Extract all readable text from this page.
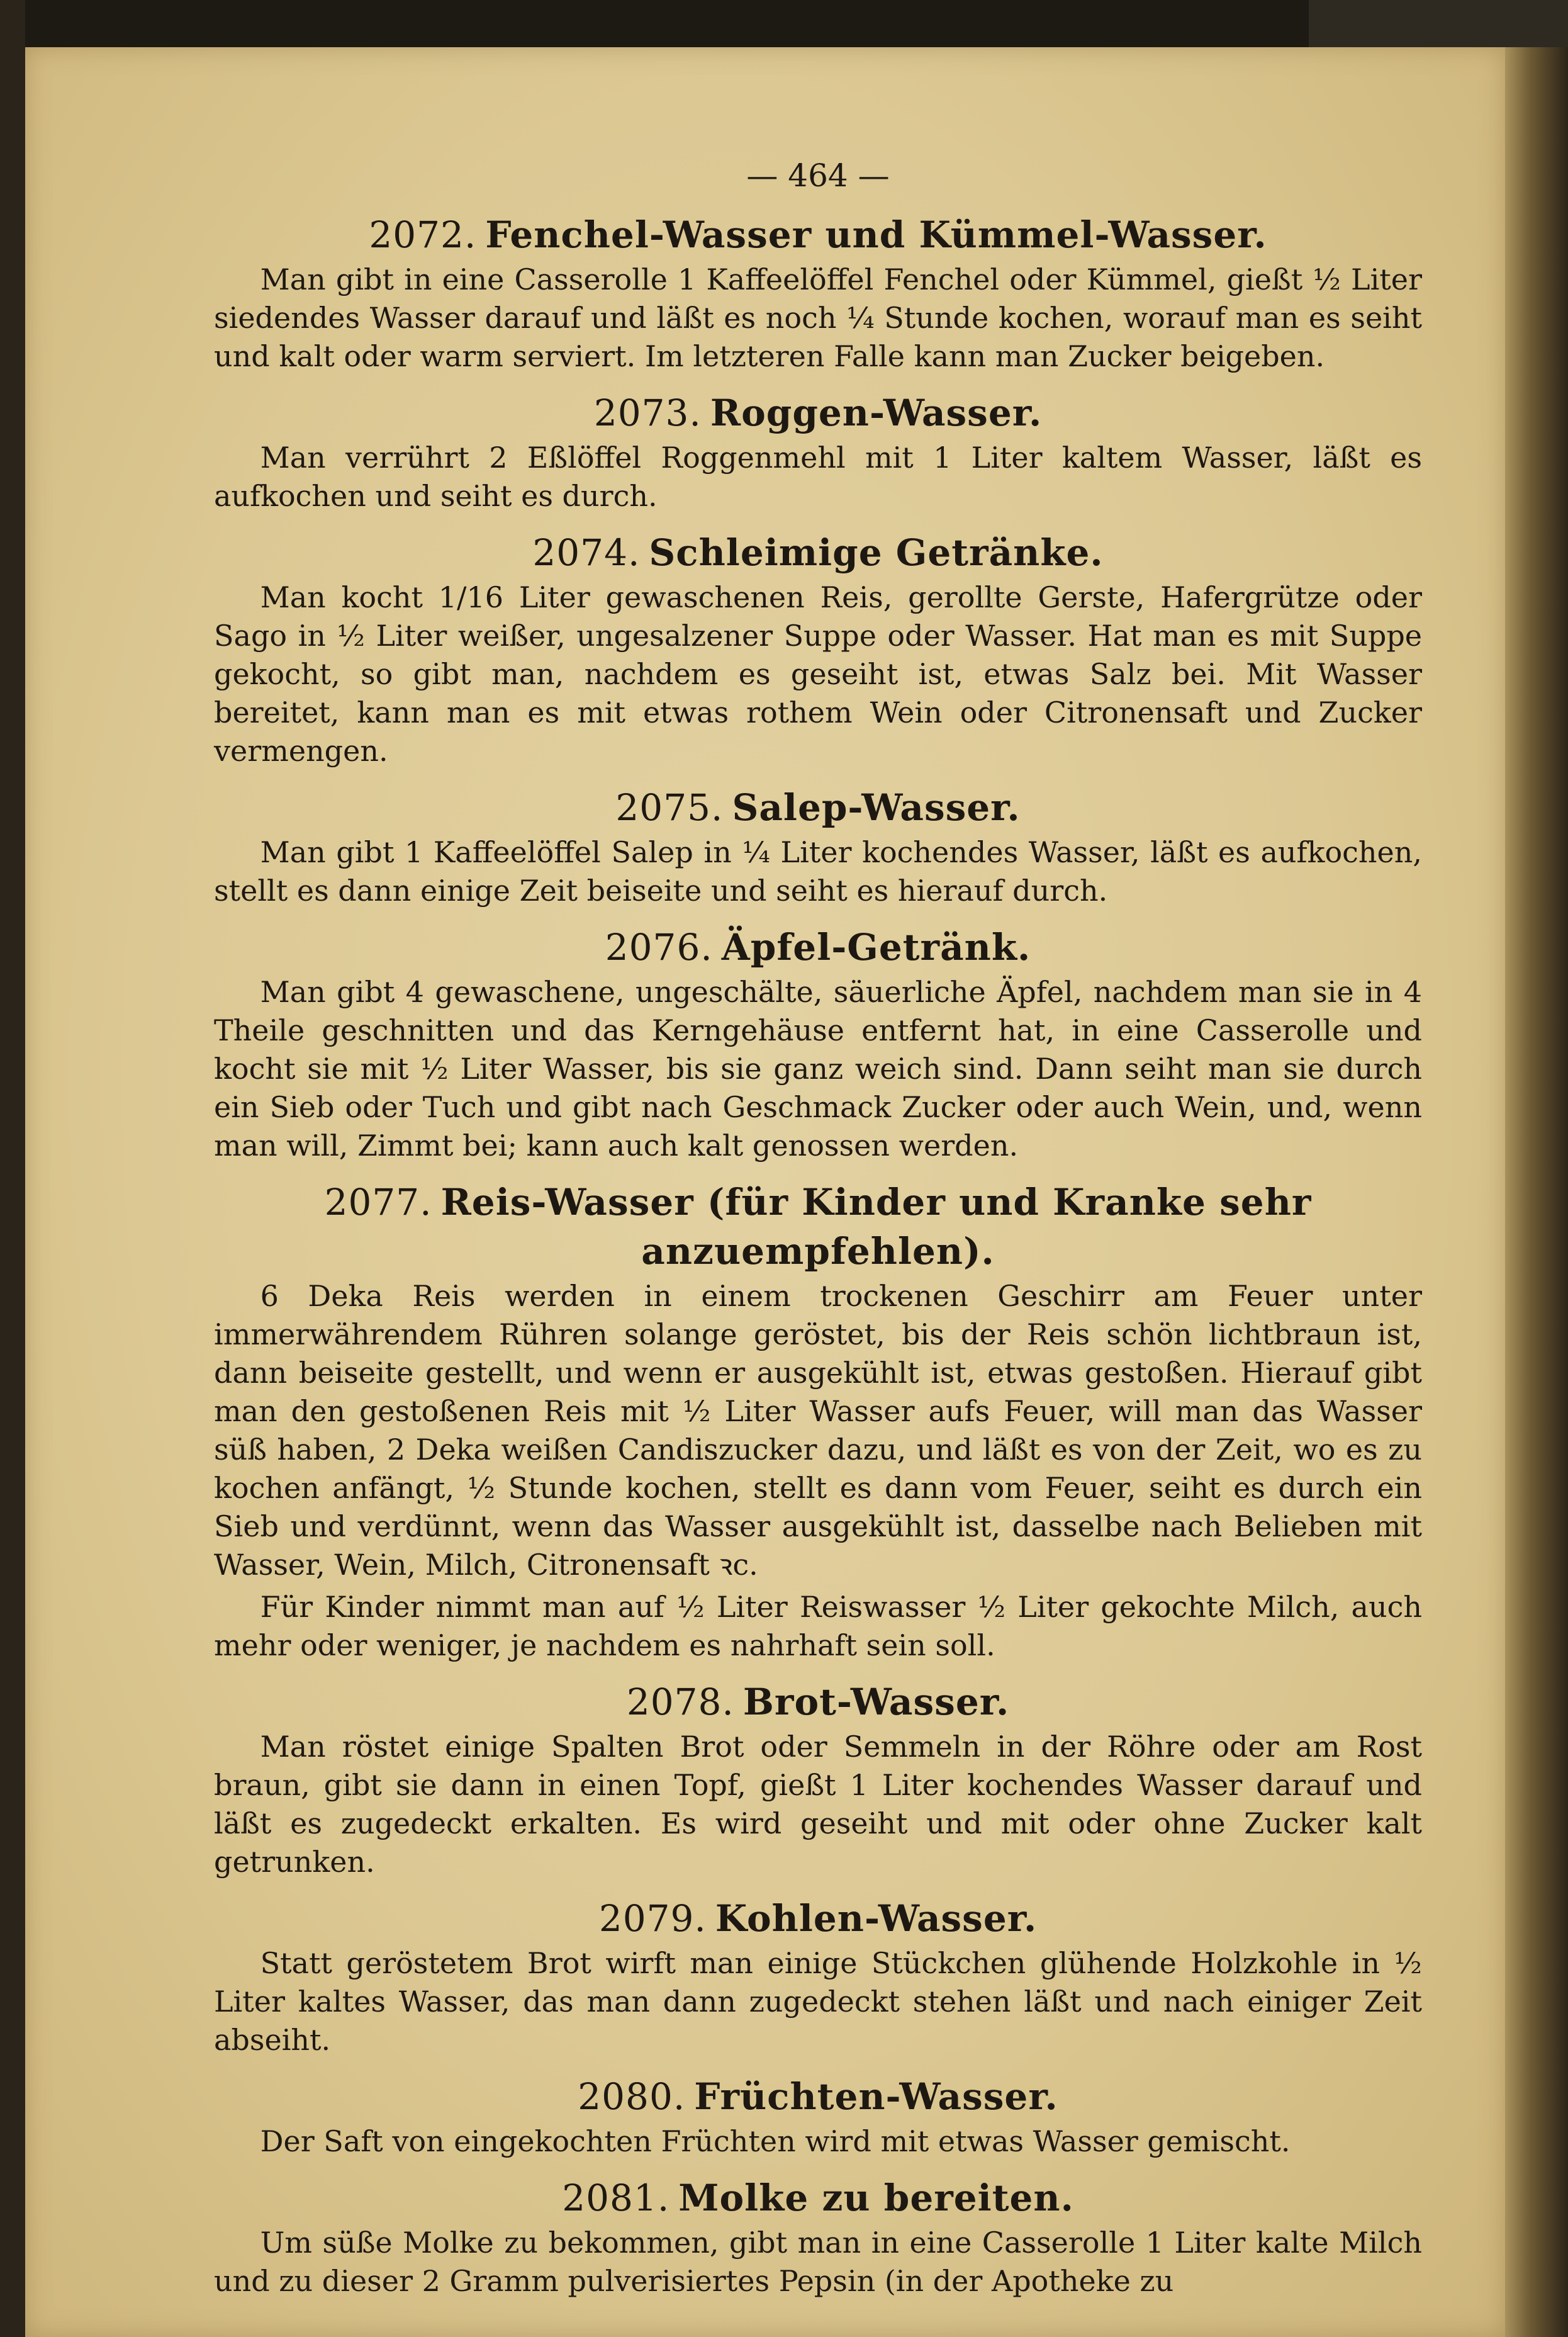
— 464 —
2072. Fenchel-Wasser und Kümmel-Wasser.

Man gibt in eine Casserolle 1 Kaffeelöffel Fenchel oder Kümmel, gießt ½ Liter siedendes Wasser darauf und läßt es noch ¼ Stunde kochen, worauf man es seiht und kalt oder warm serviert. Im letzteren Falle kann man Zucker beigeben.

2073. Roggen-Wasser.

Man verrührt 2 Eßlöffel Roggenmehl mit 1 Liter kaltem Wasser, läßt es aufkochen und seiht es durch.

2074. Schleimige Getränke.

Man kocht 1/16 Liter gewaschenen Reis, gerollte Gerste, Hafergrütze oder Sago in ½ Liter weißer, ungesalzener Suppe oder Wasser. Hat man es mit Suppe gekocht, so gibt man, nachdem es geseiht ist, etwas Salz bei. Mit Wasser bereitet, kann man es mit etwas rothem Wein oder Citronensaft und Zucker vermengen.

2075. Salep-Wasser.

Man gibt 1 Kaffeelöffel Salep in ¼ Liter kochendes Wasser, läßt es aufkochen, stellt es dann einige Zeit beiseite und seiht es hierauf durch.

2076. Äpfel-Getränk.

Man gibt 4 gewaschene, ungeschälte, säuerliche Äpfel, nachdem man sie in 4 Theile geschnitten und das Kerngehäuse entfernt hat, in eine Casserolle und kocht sie mit ½ Liter Wasser, bis sie ganz weich sind. Dann seiht man sie durch ein Sieb oder Tuch und gibt nach Geschmack Zucker oder auch Wein, und, wenn man will, Zimmt bei; kann auch kalt genossen werden.

2077. Reis-Wasser (für Kinder und Kranke sehr anzuempfehlen).

6 Deka Reis werden in einem trockenen Geschirr am Feuer unter immerwährendem Rühren solange geröstet, bis der Reis schön lichtbraun ist, dann beiseite gestellt, und wenn er ausgekühlt ist, etwas gestoßen. Hierauf gibt man den gestoßenen Reis mit ½ Liter Wasser aufs Feuer, will man das Wasser süß haben, 2 Deka weißen Candiszucker dazu, und läßt es von der Zeit, wo es zu kochen anfängt, ½ Stunde kochen, stellt es dann vom Feuer, seiht es durch ein Sieb und verdünnt, wenn das Wasser ausgekühlt ist, dasselbe nach Belieben mit Wasser, Wein, Milch, Citronensaft ꝛc.

Für Kinder nimmt man auf ½ Liter Reiswasser ½ Liter gekochte Milch, auch mehr oder weniger, je nachdem es nahrhaft sein soll.

2078. Brot-Wasser.

Man röstet einige Spalten Brot oder Semmeln in der Röhre oder am Rost braun, gibt sie dann in einen Topf, gießt 1 Liter kochendes Wasser darauf und läßt es zugedeckt erkalten. Es wird geseiht und mit oder ohne Zucker kalt getrunken.

2079. Kohlen-Wasser.

Statt geröstetem Brot wirft man einige Stückchen glühende Holzkohle in ½ Liter kaltes Wasser, das man dann zugedeckt stehen läßt und nach einiger Zeit abseiht.

2080. Früchten-Wasser.

Der Saft von eingekochten Früchten wird mit etwas Wasser gemischt.

2081. Molke zu bereiten.

Um süße Molke zu bekommen, gibt man in eine Casserolle 1 Liter kalte Milch und zu dieser 2 Gramm pulverisiertes Pepsin (in der Apotheke zu
